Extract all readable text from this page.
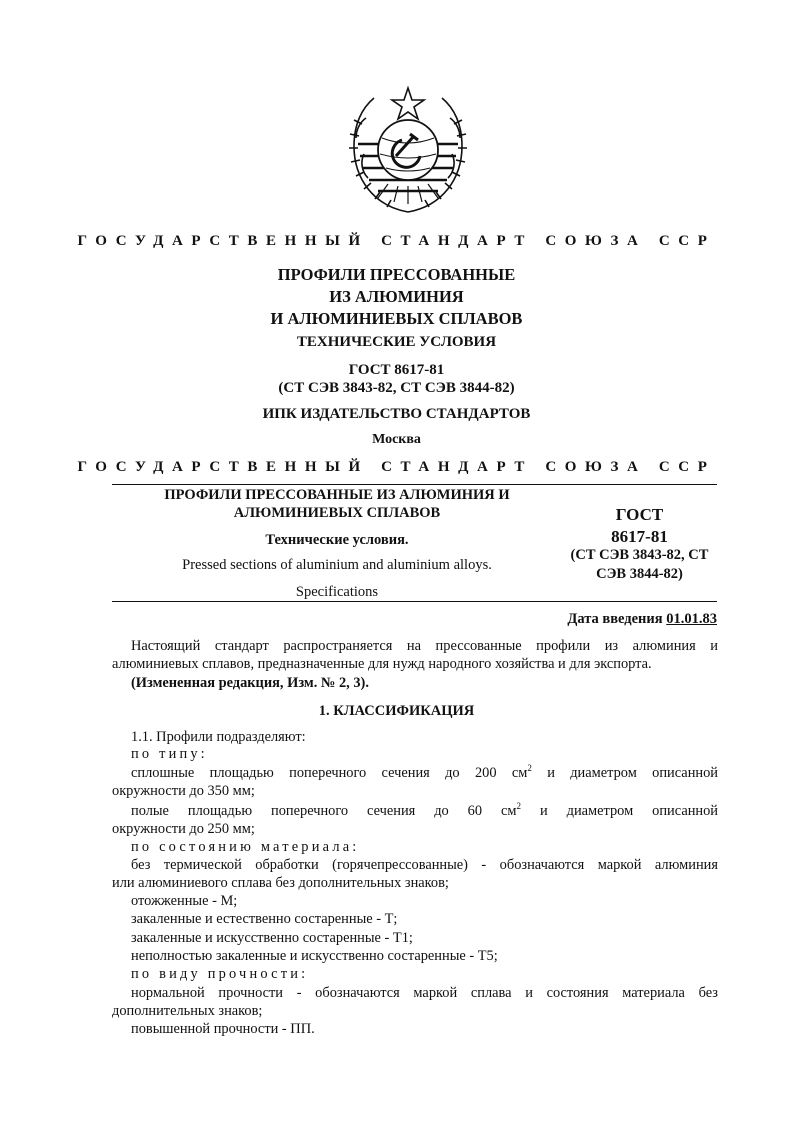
ГОСУДАРСТВЕННЫЙ СТАНДАРТ СОЮЗА ССР
ПРОФИЛИ ПРЕССОВАННЫЕ
ИЗ АЛЮМИНИЯ
И АЛЮМИНИЕВЫХ СПЛАВОВ
ТЕХНИЧЕСКИЕ УСЛОВИЯ
ГОСТ 8617-81
(СТ СЭВ 3843-82, СТ СЭВ 3844-82)
ИПК ИЗДАТЕЛЬСТВО СТАНДАРТОВ
Москва
ГОСУДАРСТВЕННЫЙ СТАНДАРТ СОЮЗА ССР
ПРОФИЛИ ПРЕССОВАННЫЕ ИЗ АЛЮМИНИЯ И
АЛЮМИНИЕВЫХ СПЛАВОВ
Технические условия.
Pressed sections of aluminium and aluminium alloys.
Specifications
ГОСТ
8617-81
(СТ СЭВ 3843-82, СТ
СЭВ 3844-82)
Дата введения 01.01.83
Настоящий стандарт распространяется на прессованные профили из алюминия и
алюминиевых сплавов, предназначенные для нужд народного хозяйства и для экспорта.
(Измененная редакция, Изм. № 2, 3).
1. КЛАССИФИКАЦИЯ
1.1. Профили подразделяют:
по типу:
сплошные площадью поперечного сечения до 200 $см^2$ и диаметром описанной
окружности до 350 мм;
полые площадью поперечного сечения до 60 $см^2$ и диаметром описанной
окружности до 250 мм;
по состоянию материала:
без термической обработки (горячепрессованные) - обозначаются маркой алюминия
или алюминиевого сплава без дополнительных знаков;
отожженные - М;
закаленные и естественно состаренные - Т;
закаленные и искусственно состаренные - Т1;
неполностью закаленные и искусственно состаренные - Т5;
по виду прочности:
нормальной прочности - обозначаются маркой сплава и состояния материала без
дополнительных знаков;
повышенной прочности - ПП.
